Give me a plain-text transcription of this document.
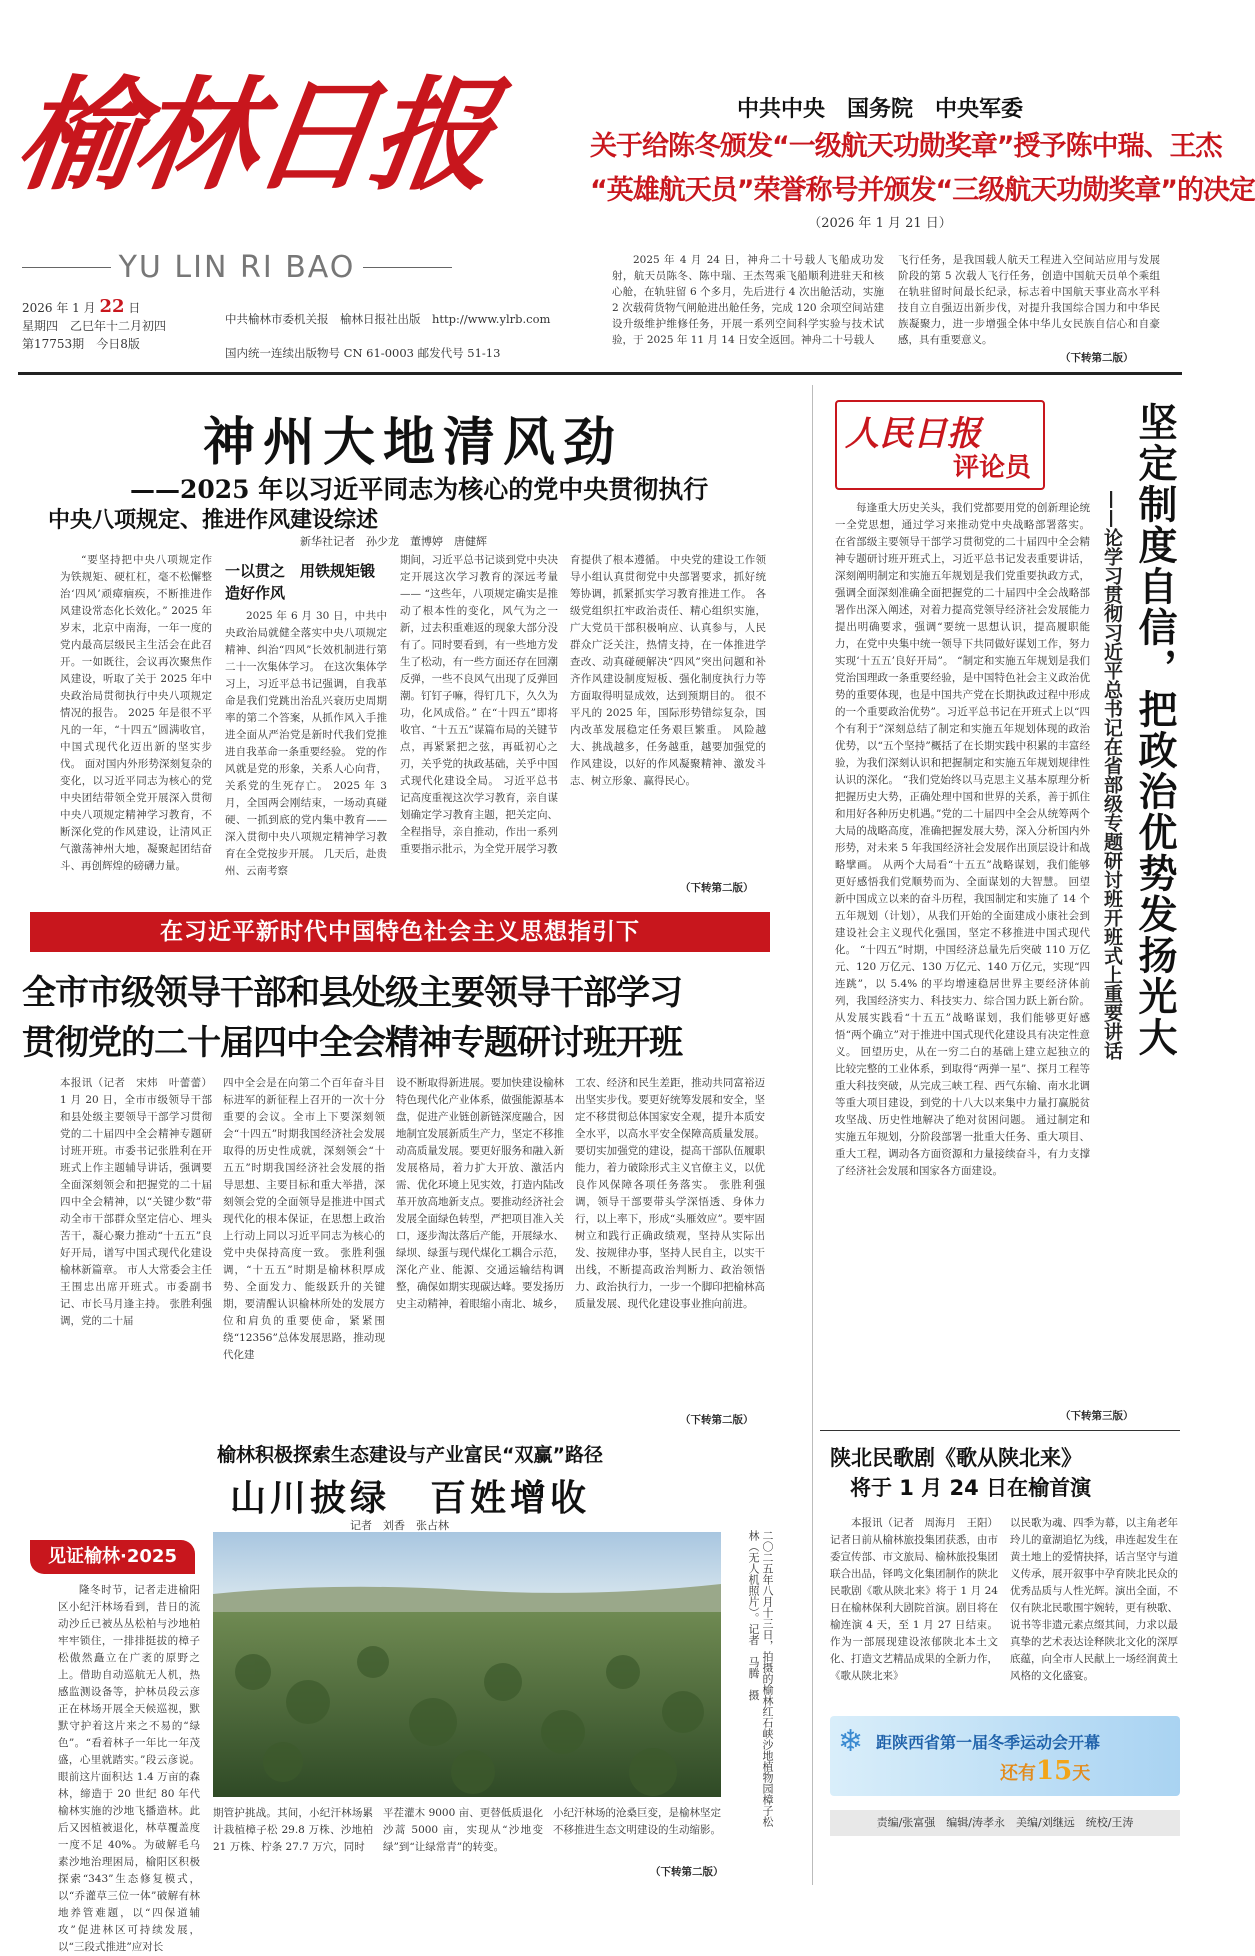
榆林日报
YU LIN RI BAO
2026 年 1 月 22 日
星期四　乙巳年十二月初四
第17753期　 今日8版
中共榆林市委机关报　榆林日报社出版　http://www.ylrb.com
国内统一连续出版物号 CN 61-0003 邮发代号 51-13
中共中央　国务院　中央军委
关于给陈冬颁发“一级航天功勋奖章”授予陈中瑞、王杰
“英雄航天员”荣誉称号并颁发“三级航天功勋奖章”的决定
（2026 年 1 月 21 日）
2025 年 4 月 24 日，神舟二十号载人飞船成功发射，航天员陈冬、陈中瑞、王杰驾乘飞船顺利进驻天和核心舱，在轨驻留 6 个多月，先后进行 4 次出舱活动，实施 2 次载荷货物气闸舱进出舱任务，完成 120 余项空间站建设升级维护维修任务，开展一系列空间科学实验与技术试验，于 2025 年 11 月 14 日安全返回。神舟二十号载人
飞行任务，是我国载人航天工程进入空间站应用与发展阶段的第 5 次载人飞行任务，创造中国航天员单个乘组在轨驻留时间最长纪录，标志着中国航天事业高水平科技自立自强迈出新步伐，对提升我国综合国力和中华民族凝聚力，进一步增强全体中华儿女民族自信心和自豪感，具有重要意义。
（下转第二版）
神州大地清风劲
——2025 年以习近平同志为核心的党中央贯彻执行
中央八项规定、推进作风建设综述
新华社记者　孙少龙　董博婷　唐健辉
“要坚持把中央八项规定作为铁规矩、硬杠杠，毫不松懈整治‘四风’顽瘴痼疾，不断推进作风建设常态化长效化。” 2025 年岁末，北京中南海，一年一度的党内最高层级民主生活会在此召开。一如既往，会议再次聚焦作风建设，听取了关于 2025 年中央政治局贯彻执行中央八项规定情况的报告。 2025 年是很不平凡的一年，“十四五”圆满收官，中国式现代化迈出新的坚实步伐。 面对国内外形势深刻复杂的变化，以习近平同志为核心的党中央团结带领全党开展深入贯彻中央八项规定精神学习教育，不断深化党的作风建设，让清风正气激荡神州大地，凝聚起团结奋斗、再创辉煌的磅礴力量。
一以贯之　用铁规矩锻造好作风
2025 年 6 月 30 日，中共中央政治局就健全落实中央八项规定精神、纠治“四风”长效机制进行第二十一次集体学习。 在这次集体学习上，习近平总书记强调，自我革命是我们党跳出治乱兴衰历史周期率的第二个答案，从抓作风入手推进全面从严治党是新时代我们党推进自我革命一条重要经验。 党的作风就是党的形象，关系人心向背，关系党的生死存亡。 2025 年 3 月，全国两会刚结束，一场动真碰硬、一抓到底的党内集中教育——深入贯彻中央八项规定精神学习教育在全党按步开展。 几天后，赴贵州、云南考察
期间，习近平总书记谈到党中央决定开展这次学习教育的深远考量—— “这些年，八项规定确实是推动了根本性的变化，风气为之一新，过去积重难返的现象大部分没有了。同时要看到，有一些地方发生了松动，有一些方面还存在回潮反弹，一些不良风气出现了反弹回潮。钉钉子嘛，得钉几下，久久为功，化风成俗。” 在“十四五”即将收官、“十五五”谋篇布局的关键节点，再紧紧把之弦，再砥初心之刃，关乎党的执政基础，关乎中国式现代化建设全局。 习近平总书记高度重视这次学习教育，亲自谋划确定学习教育主题，把关定向、全程指导，亲自推动，作出一系列重要指示批示，为全党开展学习教
育提供了根本遵循。 中央党的建设工作领导小组认真贯彻党中央部署要求，抓好统筹协调，抓紧抓实学习教育推进工作。 各级党组织扛牢政治责任、精心组织实施，广大党员干部积极响应、认真参与，人民群众广泛关注，热情支持，在一体推进学查改、动真碰硬解决“四风”突出问题和补齐作风建设制度短板、强化制度执行力等方面取得明显成效，达到预期目的。 很不平凡的 2025 年，国际形势错综复杂，国内改革发展稳定任务艰巨繁重。 风险越大、挑战越多，任务越重，越要加强党的作风建设，以好的作风凝聚精神、激发斗志、树立形象、赢得民心。
（下转第二版）
在习近平新时代中国特色社会主义思想指引下
全市市级领导干部和县处级主要领导干部学习
贯彻党的二十届四中全会精神专题研讨班开班
本报讯（记者　宋炜　叶蕾蕾）1 月 20 日，全市市级领导干部和县处级主要领导干部学习贯彻党的二十届四中全会精神专题研讨班开班。市委书记张胜利在开班式上作主题辅导讲话，强调要全面深刻领会和把握党的二十届四中全会精神，以“关键少数”带动全市干部群众坚定信心、埋头苦干，凝心聚力推动“十五五”良好开局，谱写中国式现代化建设榆林新篇章。 市人大常委会主任王围忠出席开班式。市委副书记、市长马月逢主持。 张胜利强调，党的二十届
四中全会是在向第二个百年奋斗目标进军的新征程上召开的一次十分重要的会议。全市上下要深刻领会“十四五”时期我国经济社会发展取得的历史性成就，深刻领会“十五五”时期我国经济社会发展的指导思想、主要目标和重大举措，深刻领会党的全面领导是推进中国式现代化的根本保证，在思想上政治上行动上同以习近平同志为核心的党中央保持高度一致。 张胜利强调，“十五五”时期是榆林积厚成势、全面发力、能级跃升的关键期，要清醒认识榆林所处的发展方位和肩负的重要使命，紧紧围绕“12356”总体发展思路，推动现代化建
设不断取得新进展。要加快建设榆林特色现代化产业体系，做强能源基本盘，促进产业链创新链深度融合，因地制宜发展新质生产力，坚定不移推动高质量发展。要更好服务和融入新发展格局，着力扩大开放、激活内需、优化环境上见实效，打造内陆改革开放高地新支点。要推动经济社会发展全面绿色转型，严把项目准入关口，逐步淘汰落后产能，开展绿水、绿坝、绿蛋与现代煤化工耦合示范，深化产业、能源、交通运输结构调整，确保如期实现碳达峰。要发扬历史主动精神，着眼缩小南北、城乡，
工农、经济和民生差距，推动共同富裕迈出坚实步伐。要更好统筹发展和安全，坚定不移贯彻总体国家安全观，提升本质安全水平，以高水平安全保障高质量发展。要切实加强党的建设，提高干部队伍履职能力，着力破除形式主义官僚主义，以优良作风保障各项任务落实。 张胜利强调，领导干部要带头学深悟透、身体力行，以上率下，形成“头雁效应”。要牢固树立和践行正确政绩观，坚持从实际出发、按规律办事，坚持人民自主，以实干出线，不断提高政治判断力、政治领悟力、政治执行力，一步一个脚印把榆林高质量发展、现代化建设事业推向前进。
（下转第二版）
榆林积极探索生态建设与产业富民“双赢”路径
山川披绿　百姓增收
记者　刘香　张占林
见证榆林·2025
隆冬时节，记者走进榆阳区小纪汗林场看到，昔日的流动沙丘已被丛丛松柏与沙地柏牢牢锁住，一排排挺拔的樟子松傲然矗立在广袤的原野之上。借助自动巡航无人机，热感监测设备等，护林员段云彦正在林场开展全天候巡视，默默守护着这片来之不易的“绿色”。“看着林子一年比一年茂盛，心里就踏实。”段云彦说。 眼前这片面积达 1.4 万亩的森林，缔造于 20 世纪 80 年代榆林实施的沙地飞播造林。此后又因植被退化，林草覆盖度一度不足 40%。为破解毛乌素沙地治理困局，榆阳区积极探索“343”生态修复模式，以“乔灌草三位一体”破解有林地养管难题，以“四保道辅攻”促进林区可持续发展，以“三段式推进”应对长
二〇二五年八月十三日，拍摄的榆林红石峡沙地植物园樟子松林（无人机照片）。记者　马腾　摄
期管护挑战。其间，小纪汗林场累计栽植樟子松 29.8 万株、沙地柏 21 万株、柠条 27.7 万穴，同时
平茬灌木 9000 亩、更替低质退化沙蒿 5000 亩，实现从“沙地变绿”到“让绿常青”的转变。
小纪汗林场的沧桑巨变，是榆林坚定不移推进生态文明建设的生动缩影。
（下转第二版）
人民日报
评论员	坚定制度自信，把政治优势发扬光大
——论学习贯彻习近平总书记在省部级专题研讨班开班式上重要讲话
每逢重大历史关头，我们党都要用党的创新理论统一全党思想，通过学习来推动党中央战略部署落实。 在省部级主要领导干部学习贯彻党的二十届四中全会精神专题研讨班开班式上，习近平总书记发表重要讲话，深刻阐明制定和实施五年规划是我们党重要执政方式，强调全面深刻准确全面把握党的二十届四中全会战略部署作出深入阐述，对着力提高党领导经济社会发展能力提出明确要求，强调“要统一思想认识，提高履职能力，在党中央集中统一领导下共同做好谋划工作，努力实现‘十五五’良好开局”。 “制定和实施五年规划是我们党治国理政一条重要经验，是中国特色社会主义政治优势的重要体现，也是中国共产党在长期执政过程中形成的一个重要政治优势”。习近平总书记在开班式上以“四个有利于”深刻总结了制定和实施五年规划体现的政治优势，以“五个坚持”概括了在长期实践中积累的丰富经验，为我们深刻认识和把握制定和实施五年规划规律性认识的深化。 “我们党始终以马克思主义基本原理分析把握历史大势，正确处理中国和世界的关系，善于抓住和用好各种历史机遇。”党的二十届四中全会从统筹两个大局的战略高度，准确把握发展大势，深入分析国内外形势，对未来 5 年我国经济社会发展作出顶层设计和战略擘画。 从两个大局看“十五五”战略谋划，我们能够更好感悟我们党顺势而为、全面谋划的大智慧。 回望新中国成立以来的奋斗历程，我国制定和实施了 14 个五年规划（计划），从我们开始的全面建成小康社会到建设社会主义现代化强国，坚定不移推进中国式现代化。 “十四五”时期，中国经济总量先后突破 110 万亿元、120 万亿元、130 万亿元、140 万亿元，实现“四连跳”，以 5.4% 的平均增速稳居世界主要经济体前列，我国经济实力、科技实力、综合国力跃上新台阶。 从发展实践看“十五五”战略谋划，我们能够更好感悟“两个确立”对于推进中国式现代化建设具有决定性意义。 回望历史，从在一穷二白的基础上建立起独立的比较完整的工业体系，到取得“两弹一星”、探月工程等重大科技突破，从完成三峡工程、西气东输、南水北调等重大项目建设，到党的十八大以来集中力量打赢脱贫攻坚战、历史性地解决了绝对贫困问题。 通过制定和实施五年规划，分阶段部署一批重大任务、重大项目、重大工程，调动各方面资源和力量接续奋斗，有力支撑了经济社会发展和国家各方面建设。
（下转第三版）
陕北民歌剧《歌从陕北来》
将于 1 月 24 日在榆首演
本报讯（记者　周海月　王阳）记者日前从榆林旅投集团获悉，由市委宣传部、市文旅局、榆林旅投集团联合出品，铎鸣文化集团制作的陕北民歌剧《歌从陕北来》将于 1 月 24 日在榆林保利大剧院首演。剧目将在榆连演 4 天，至 1 月 27 日结束。 作为一部展现建设浓郁陕北本土文化、打造文艺精品成果的全新力作，《歌从陕北来》
以民歌为魂、四季为幕，以主角老年玲儿的童湖追忆为线，串连起发生在黄土地上的爱情抉择，话言坚守与道义传承，展开叙事中孕育陕北民众的优秀品质与人性光辉。演出全面，不仅有陕北民歌围宇婉转，更有秧歌、说书等非遗元素点缀其间，力求以最真挚的艺术表达诠释陕北文化的深厚底蕴，向全市人民献上一场经润黄土风格的文化盛宴。
❄ 距陕西省第一届冬季运动会开幕
还有15天
责编/张富强　编辑/涛孝永　美编/刘继远　统校/王涛
